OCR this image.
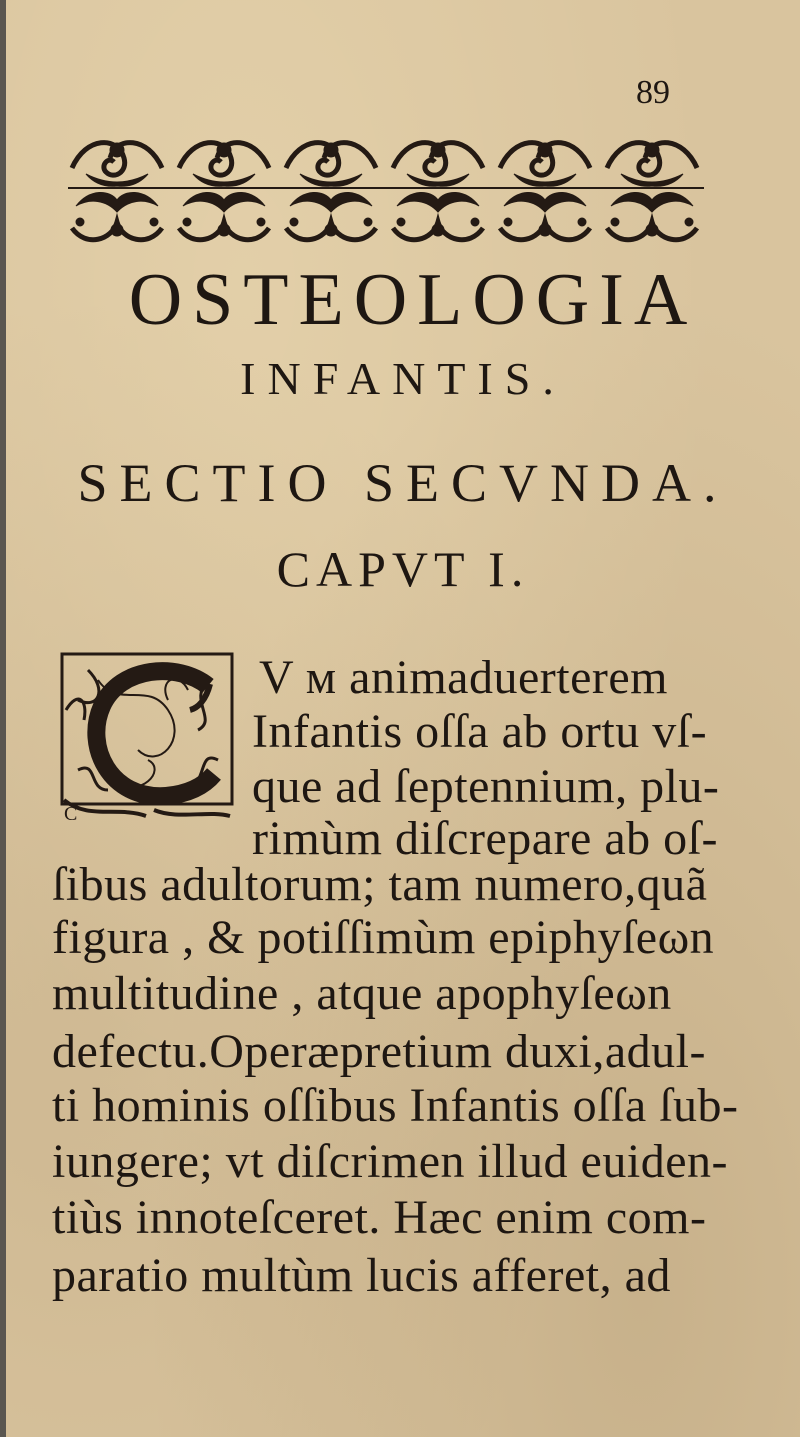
89
OSTEOLOGIA
INFANTIS.
SECTIO SECVNDA.
CAPVT I.
C
V м animaduerterem
Infantis oſſa ab ortu vſ-
que ad ſeptennium, plu-
rimùm diſcrepare ab oſ-
ſibus adultorum; tam numero,quã
figura , & potiſſimùm epiphyſeωn
multitudine , atque apophyſeωn
defectu.Operæpretium duxi,adul-
ti hominis oſſibus Infantis oſſa ſub-
iungere; vt diſcrimen illud euiden-
tiùs innoteſceret. Hæc enim com-
paratio multùm lucis afferet, ad
